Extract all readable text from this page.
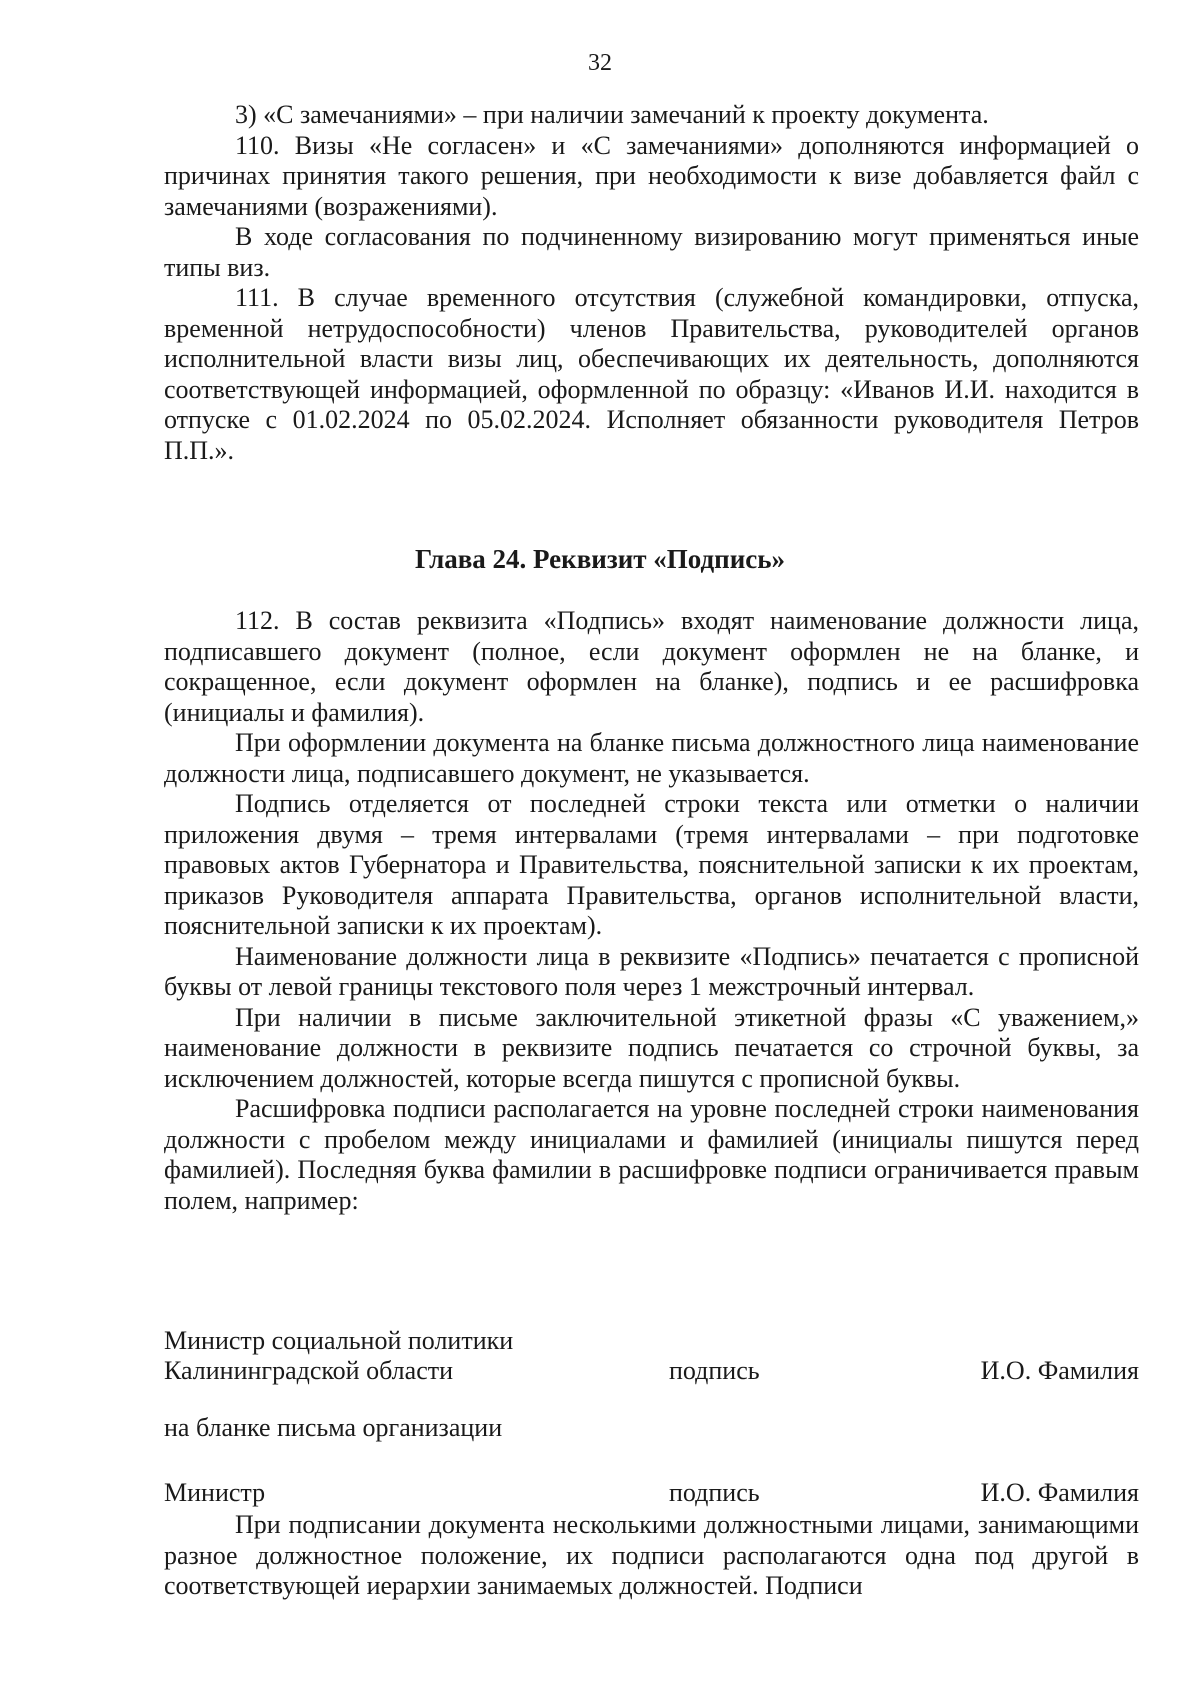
32

3) «С замечаниями» – при наличии замечаний к проекту документа.

110. Визы «Не согласен» и «С замечаниями» дополняются информацией о причинах принятия такого решения, при необходимости к визе добавляется файл с замечаниями (возражениями).

В ходе согласования по подчиненному визированию могут применяться иные типы виз.

111. В случае временного отсутствия (служебной командировки, отпуска, временной нетрудоспособности) членов Правительства, руководителей органов исполнительной власти визы лиц, обеспечивающих их деятельность, дополняются соответствующей информацией, оформленной по образцу: «Иванов И.И. находится в отпуске с 01.02.2024 по 05.02.2024. Исполняет обязанности руководителя Петров П.П.».

Глава 24. Реквизит «Подпись»

112. В состав реквизита «Подпись» входят наименование должности лица, подписавшего документ (полное, если документ оформлен не на бланке, и сокращенное, если документ оформлен на бланке), подпись и ее расшифровка (инициалы и фамилия).

При оформлении документа на бланке письма должностного лица наименование должности лица, подписавшего документ, не указывается.

Подпись отделяется от последней строки текста или отметки о наличии приложения двумя – тремя интервалами (тремя интервалами – при подготовке правовых актов Губернатора и Правительства, пояснительной записки к их проектам, приказов Руководителя аппарата Правительства, органов исполнительной власти, пояснительной записки к их проектам).

Наименование должности лица в реквизите «Подпись» печатается с прописной буквы от левой границы текстового поля через 1 межстрочный интервал.

При наличии в письме заключительной этикетной фразы «С уважением,» наименование должности в реквизите подпись печатается со строчной буквы, за исключением должностей, которые всегда пишутся с прописной буквы.

Расшифровка подписи располагается на уровне последней строки наименования должности с пробелом между инициалами и фамилией (инициалы пишутся перед фамилией). Последняя буква фамилии в расшифровке подписи ограничивается правым полем, например:

Министр социальной политики
Калининградской области	подпись	И.О. Фамилия
на бланке письма организации
Министр	подпись	И.О. Фамилия

При подписании документа несколькими должностными лицами, занимающими разное должностное положение, их подписи располагаются одна под другой в соответствующей иерархии занимаемых должностей. Подписи
